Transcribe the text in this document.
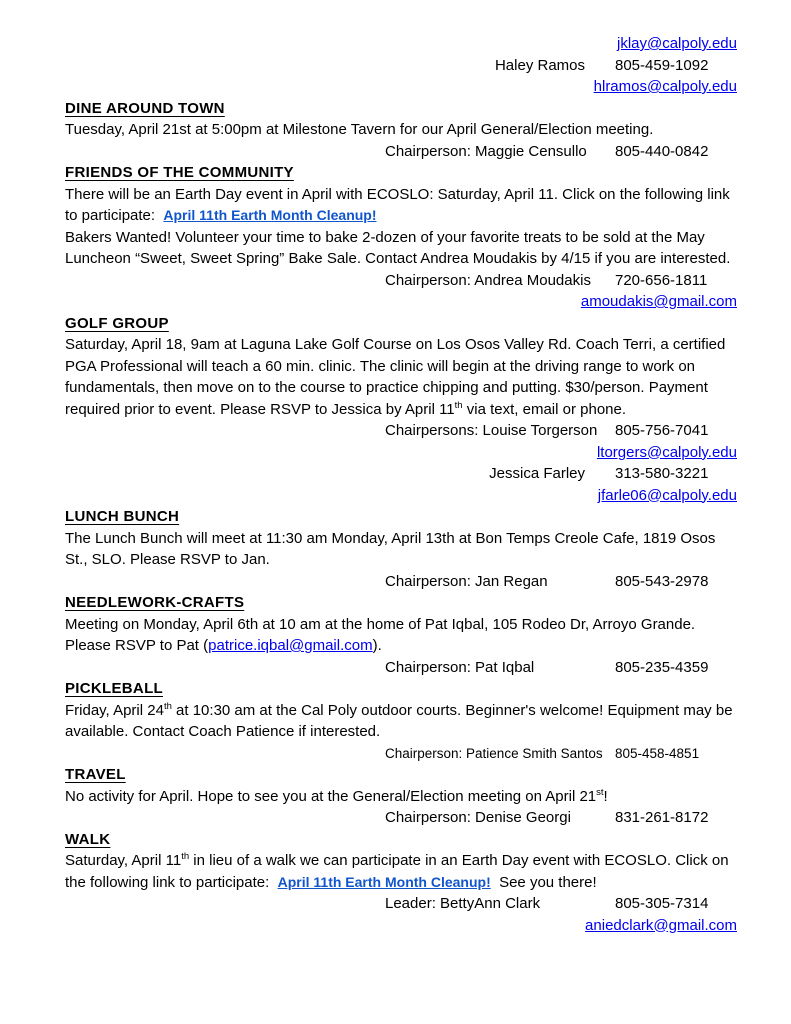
jklay@calpoly.edu
Haley Ramos	805-459-1092
hlramos@calpoly.edu
DINE AROUND TOWN

Tuesday, April 21st at 5:00pm at Milestone Tavern for our April General/Election meeting.

Chairperson: Maggie Censullo	805-440-0842
FRIENDS OF THE COMMUNITY

There will be an Earth Day event in April with ECOSLO: Saturday, April 11. Click on the following link to participate:  April 11th Earth Month Cleanup!

Bakers Wanted! Volunteer your time to bake 2-dozen of your favorite treats to be sold at the May Luncheon “Sweet, Sweet Spring” Bake Sale. Contact Andrea Moudakis by 4/15 if you are interested.

Chairperson: Andrea Moudakis	720-656-1811
amoudakis@gmail.com
GOLF GROUP

Saturday, April 18, 9am at Laguna Lake Golf Course on Los Osos Valley Rd. Coach Terri, a certified PGA Professional will teach a 60 min. clinic. The clinic will begin at the driving range to work on fundamentals, then move on to the course to practice chipping and putting. $30/person. Payment required prior to event. Please RSVP to Jessica by April 11th via text, email or phone.

Chairpersons: Louise Torgerson	805-756-7041
ltorgers@calpoly.edu
Jessica Farley	313-580-3221
jfarle06@calpoly.edu
LUNCH BUNCH

The Lunch Bunch will meet at 11:30 am Monday, April 13th at Bon Temps Creole Cafe, 1819 Osos St., SLO. Please RSVP to Jan.

Chairperson: Jan Regan	805-543-2978
NEEDLEWORK-CRAFTS

Meeting on Monday, April 6th at 10 am at the home of Pat Iqbal, 105 Rodeo Dr, Arroyo Grande. Please RSVP to Pat (patrice.iqbal@gmail.com).

Chairperson: Pat Iqbal	805-235-4359
PICKLEBALL

Friday, April 24th at 10:30 am at the Cal Poly outdoor courts. Beginner's welcome! Equipment may be available. Contact Coach Patience if interested.

Chairperson: Patience Smith Santos 805-458-4851
TRAVEL

No activity for April. Hope to see you at the General/Election meeting on April 21st!

Chairperson: Denise Georgi	831-261-8172
WALK

Saturday, April 11th in lieu of a walk we can participate in an Earth Day event with ECOSLO. Click on the following link to participate:  April 11th Earth Month Cleanup!  See you there!

Leader: BettyAnn Clark	805-305-7314
aniedclark@gmail.com
